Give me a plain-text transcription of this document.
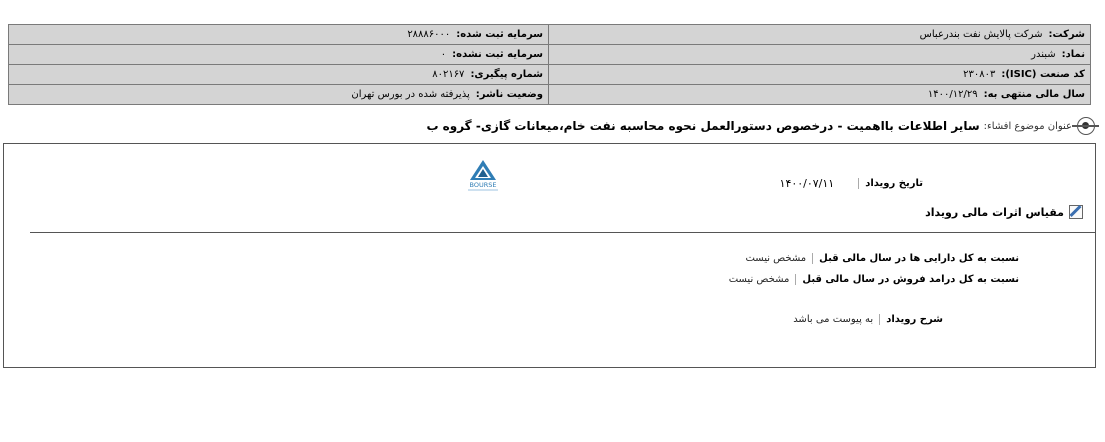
شرکت:شرکت پالایش نفت بندرعباس	سرمایه ثبت شده:۲۸۸۸۶۰۰۰
نماد:شبندر	سرمایه ثبت نشده:۰
کد صنعت (ISIC):۲۳۰۸۰۳	شماره پیگیری:۸۰۲۱۶۷
سال مالی منتهی به:۱۴۰۰/۱۲/۲۹	وضعیت ناشر:پذیرفته شده در بورس تهران
عنوان موضوع افشاء:
سایر اطلاعات بااهمیت - درخصوص دستورالعمل نحوه محاسبه نفت خام،میعانات گازی- گروه ب
BOURSE	تاریخ رویداد
۱۴۰۰/۰۷/۱۱
مقیاس اثرات مالی رویداد
نسبت به کل دارایی ها در سال مالی قبل
مشخص نیست
نسبت به کل درامد فروش در سال مالی قبل
مشخص نیست
شرح رویداد
به پیوست می باشد
